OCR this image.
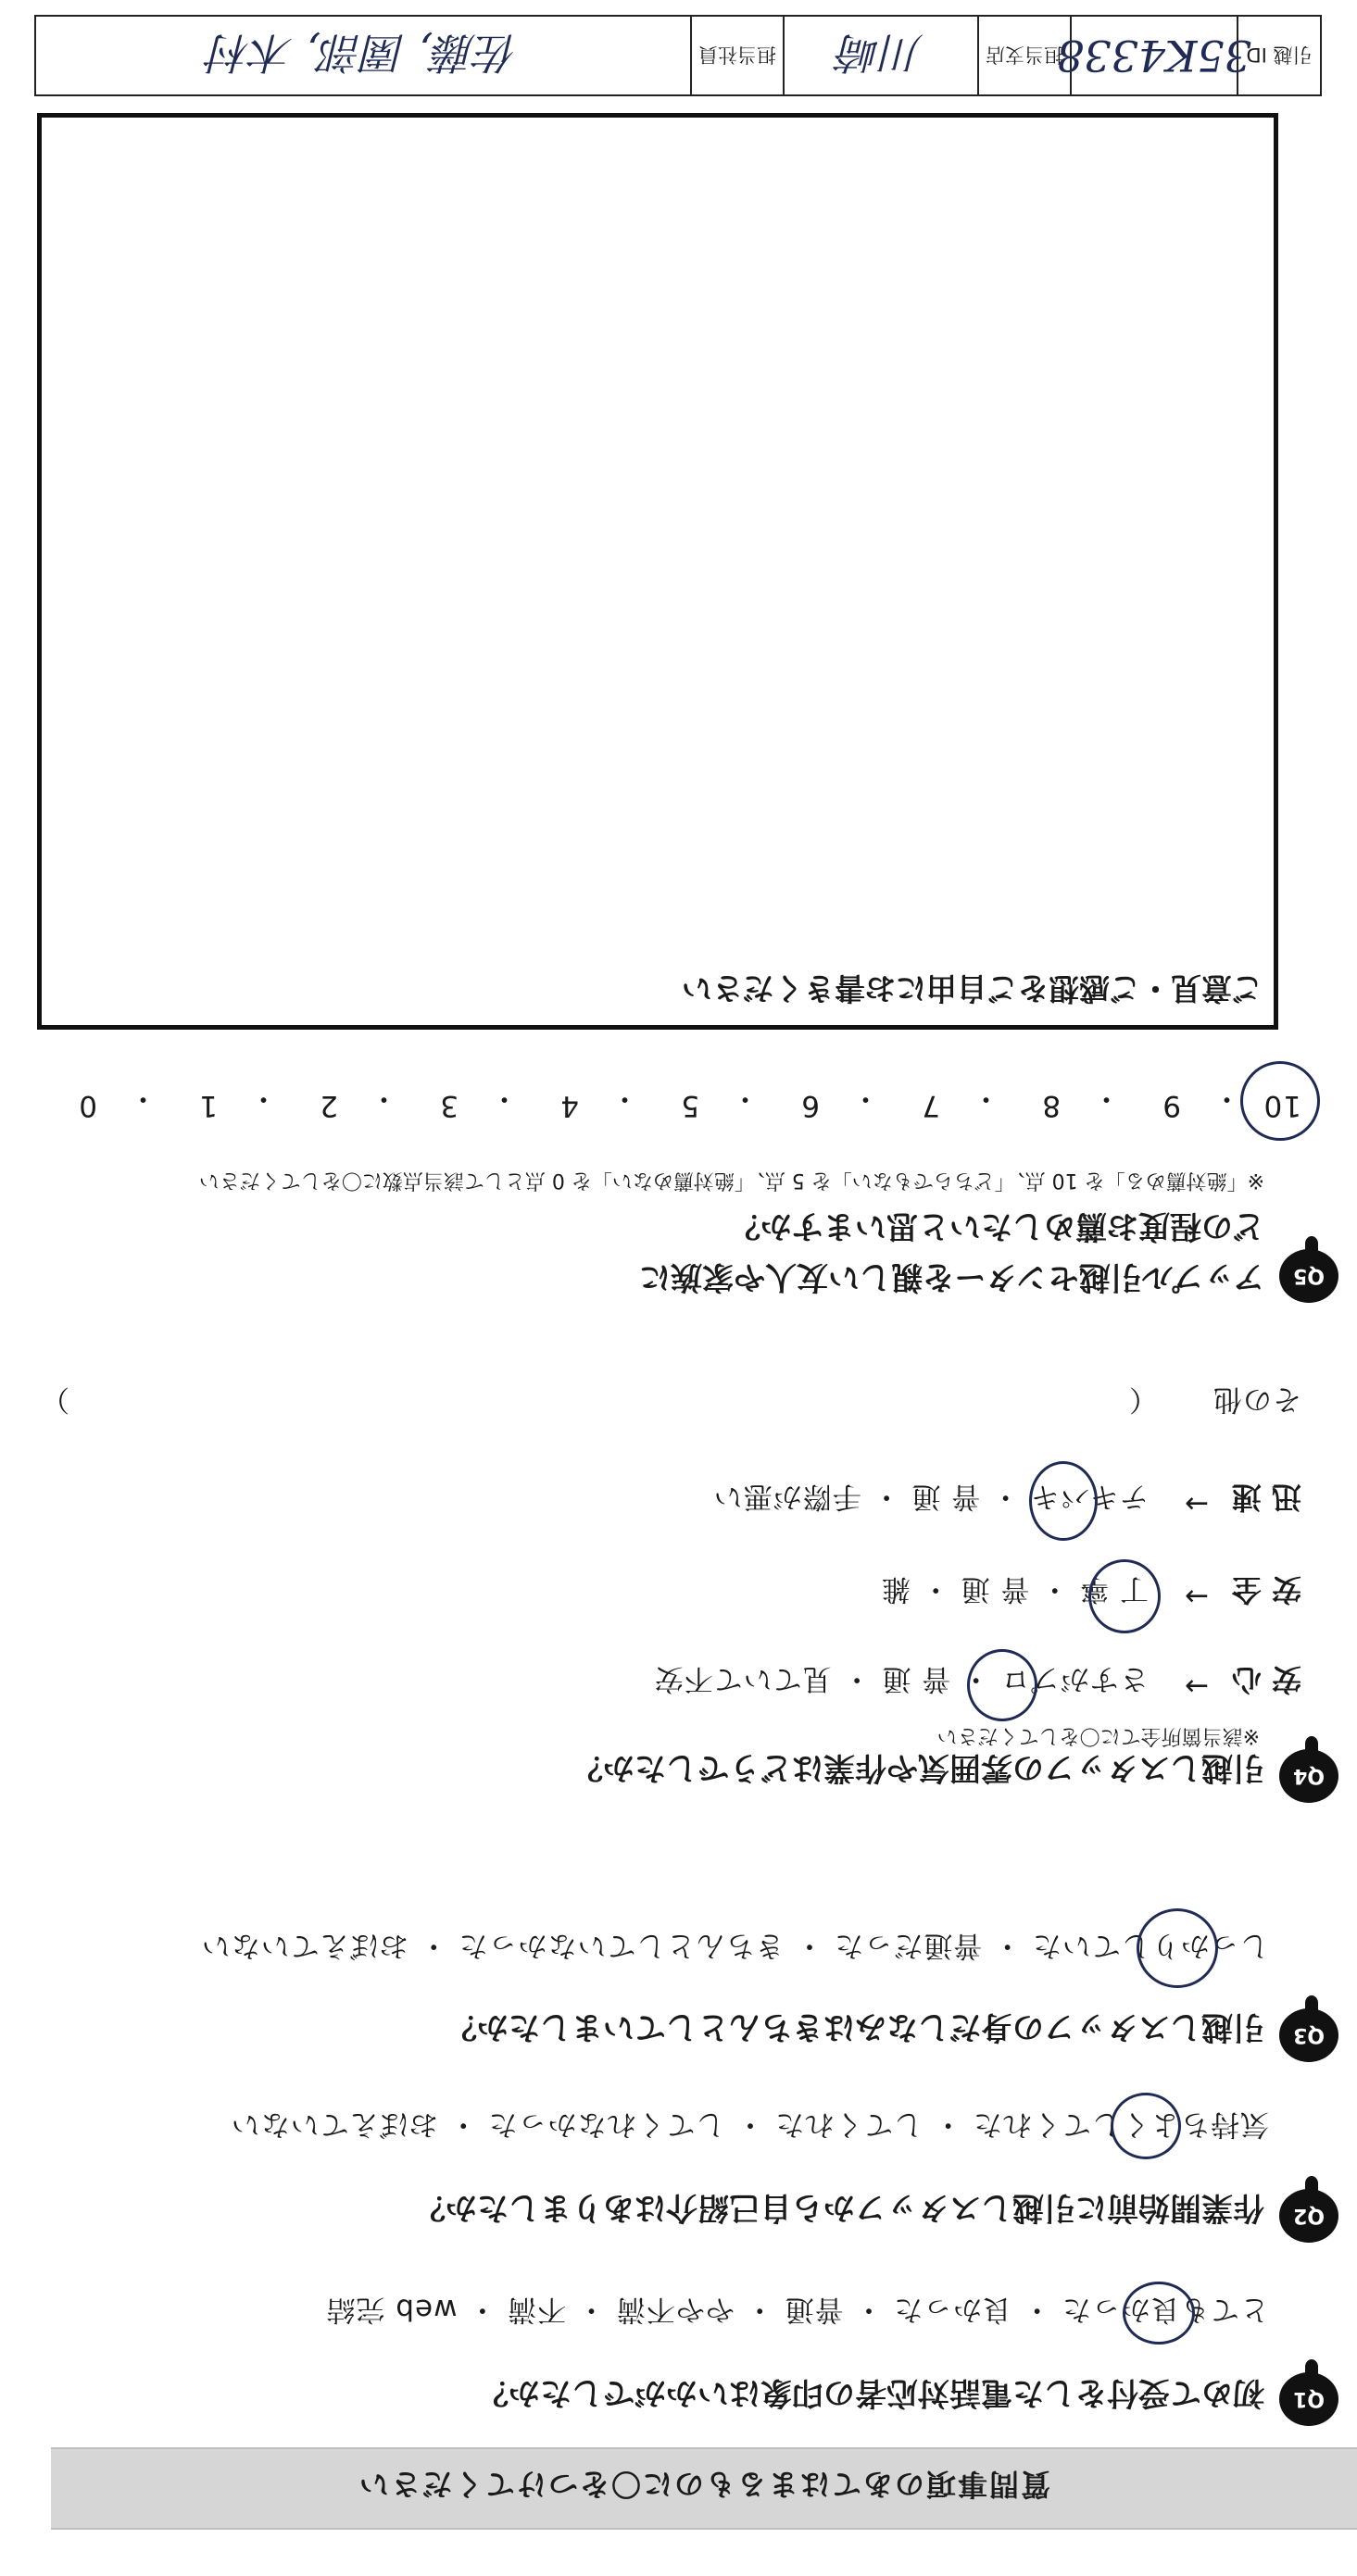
質問事項のあてはまるものに〇をつけてください
Q1
初めて受付をした電話対応者の印象はいかがでしたか？
とても良かった ・ 良かった ・ 普通 ・ やや不満 ・ 不満 ・ web 完結
Q2
作業開始前に引越しスタッフから自己紹介はありましたか？
気持ちよくしてくれた ・ してくれた ・ してくれなかった ・ おぼえていない
Q3
引越しスタッフの身だしなみはきちんとしていましたか？
しっかりしていた ・ 普通だった ・ きちんとしていなかった ・ おぼえていない
Q4
引越しスタッフの雰囲気や作業はどうでしたか？
※該当箇所全てに〇をしてください
安 心
→
さすがプロ ・ 普 通 ・ 見ていて不安
安 全
→
丁 寧 ・ 普 通 ・ 雑
迅 速
→
テキパキ ・ 普 通 ・ 手際が悪い
その他
（
）
Q5
アップル引越センターを親しい友人や家族に
どの程度お薦めしたいと思いますか？
※「絶対薦める」を 10 点、「どちらでもない」を 5 点、「絶対薦めない」を 0 点として該当点数に〇をしてください
10
・
9
・
8
・
7
・
6
・
5
・
4
・
3
・
2
・
1
・
0
ご意見・ご感想をご自由にお書きください
引越 ID
35K4338
担当支店
川崎
担当社員
佐藤, 園部, 木村
